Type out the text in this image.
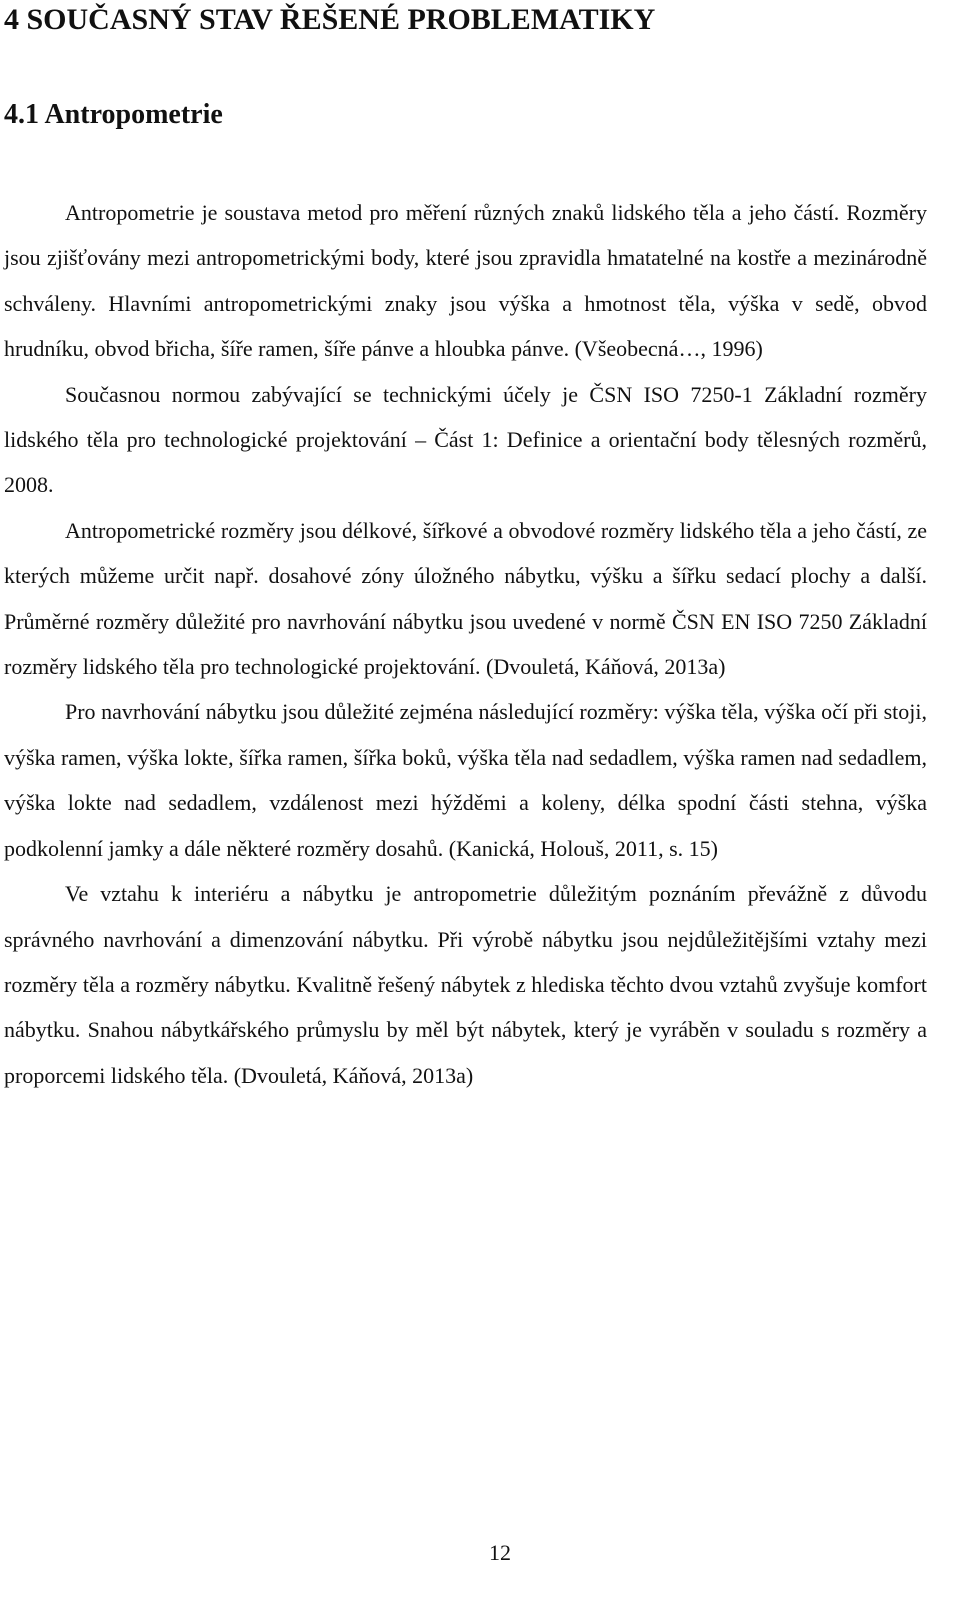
4 SOUČASNÝ STAV ŘEŠENÉ PROBLEMATIKY
4.1 Antropometrie

Antropometrie je soustava metod pro měření různých znaků lidského těla a jeho částí. Rozměry jsou zjišťovány mezi antropometrickými body, které jsou zpravidla hmatatelné na kostře a mezinárodně schváleny. Hlavními antropometrickými znaky jsou výška a hmotnost těla, výška v sedě, obvod hrudníku, obvod břicha, šíře ramen, šíře pánve a hloubka pánve. (Všeobecná…, 1996)

Současnou normou zabývající se technickými účely je ČSN ISO 7250-1 Základní rozměry lidského těla pro technologické projektování – Část 1: Definice a orientační body tělesných rozměrů, 2008.

Antropometrické rozměry jsou délkové, šířkové a obvodové rozměry lidského těla a jeho částí, ze kterých můžeme určit např. dosahové zóny úložného nábytku, výšku a šířku sedací plochy a další. Průměrné rozměry důležité pro navrhování nábytku jsou uvedené v normě ČSN EN ISO 7250 Základní rozměry lidského těla pro technologické projektování. (Dvouletá, Káňová, 2013a)

Pro navrhování nábytku jsou důležité zejména následující rozměry: výška těla, výška očí při stoji, výška ramen, výška lokte, šířka ramen, šířka boků, výška těla nad sedadlem, výška ramen nad sedadlem, výška lokte nad sedadlem, vzdálenost mezi hýžděmi a koleny, délka spodní části stehna, výška podkolenní jamky a dále některé rozměry dosahů. (Kanická, Holouš, 2011, s. 15)

Ve vztahu k interiéru a nábytku je antropometrie důležitým poznáním převážně z důvodu správného navrhování a dimenzování nábytku. Při výrobě nábytku jsou nejdůležitějšími vztahy mezi rozměry těla a rozměry nábytku. Kvalitně řešený nábytek z hlediska těchto dvou vztahů zvyšuje komfort nábytku. Snahou nábytkářského průmyslu by měl být nábytek, který je vyráběn v souladu s rozměry a proporcemi lidského těla. (Dvouletá, Káňová, 2013a)

12
